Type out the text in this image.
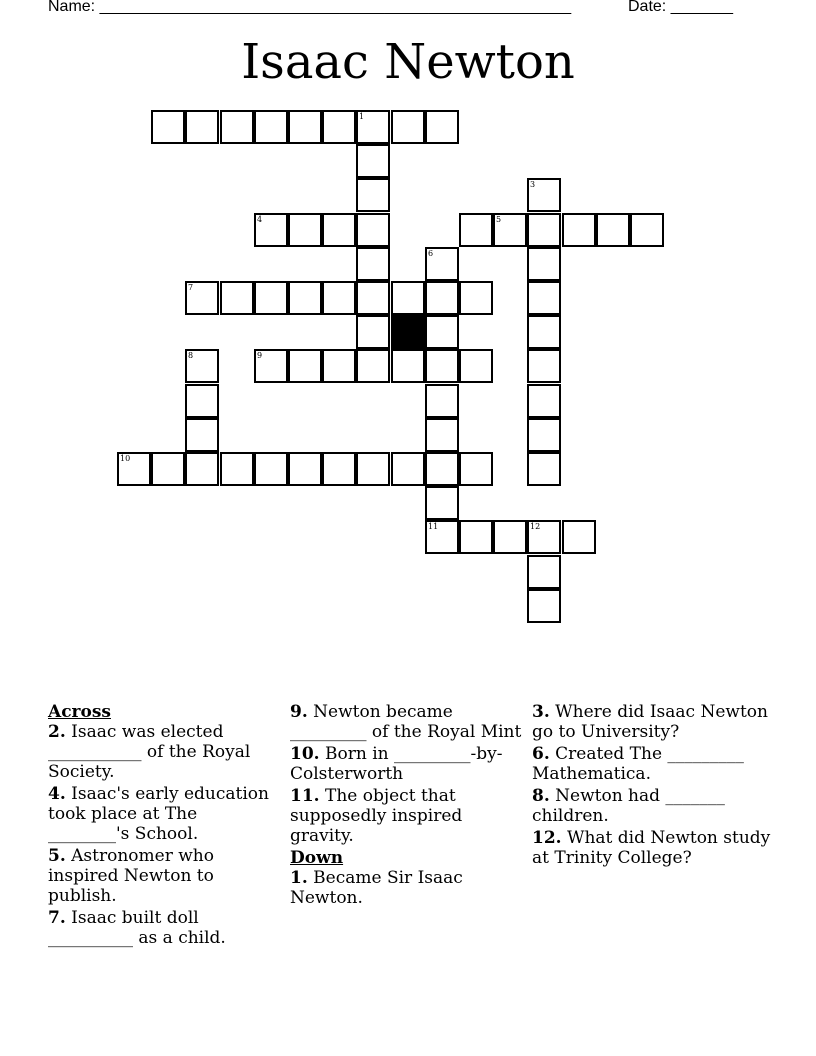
Name: _____________________________________________________	Date: _______
Isaac Newton
1
4	5
7
9
10
11	12
3
6
8
Across
2. Isaac was elected ___________ of the Royal Society.
4. Isaac's early education took place at The ________'s School.
5. Astronomer who inspired Newton to publish.
7. Isaac built doll __________ as a child.
9. Newton became _________ of the Royal Mint
10. Born in _________-by-Colsterworth
11. The object that supposedly inspired gravity.
Down
1. Became Sir Isaac Newton.
3. Where did Isaac Newton go to University?
6. Created The _________ Mathematica.
8. Newton had _______ children.
12. What did Newton study at Trinity College?
